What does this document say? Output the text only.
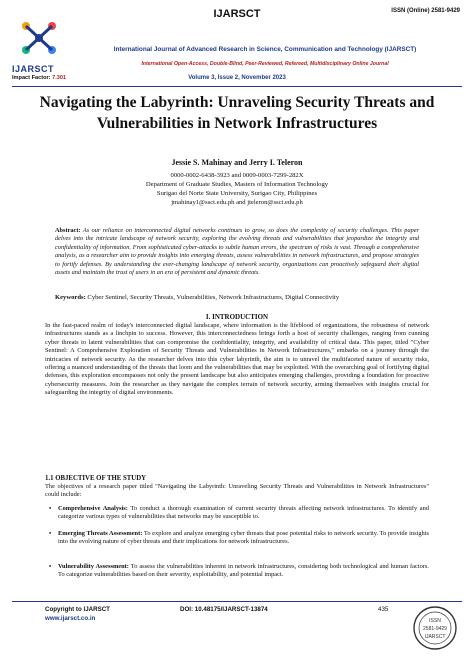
IJARSCT
IJARSCT	ISSN (Online) 2581-9429
International Journal of Advanced Research in Science, Communication and Technology (IJARSCT)
International Open-Access, Double-Blind, Peer-Reviewed, Refereed, Multidisciplinary Online Journal
Impact Factor: 7.301	Volume 3, Issue 2, November 2023
Navigating the Labyrinth: Unraveling Security Threats and Vulnerabilities in Network Infrastructures
Jessie S. Mahinay and Jerry I. Teleron
0000-0002-6438-3923 and 0009-0003-7299-282X
Department of Graduate Studies, Masters of Information Technology
Surigao del Norte State University, Surigao City, Philippines
jmahinay1@ssct.edu.ph and jteleron@ssct.edu.ph
Abstract: As our reliance on interconnected digital networks continues to grow, so does the complexity of security challenges. This paper delves into the intricate landscape of network security, exploring the evolving threats and vulnerabilities that jeopardize the integrity and confidentiality of information. From sophisticated cyber-attacks to subtle human errors, the spectrum of risks is vast. Through a comprehensive analysis, as a researcher aim to provide insights into emerging threats, assess vulnerabilities in network infrastructures, and propose strategies to fortify defenses. By understanding the ever-changing landscape of network security, organizations can proactively safeguard their digital assets and maintain the trust of users in an era of persistent and dynamic threats.
Keywords: Cyber Sentinel, Security Threats, Vulnerabilities, Network Infrastructures, Digital Connectivity
I. INTRODUCTION
In the fast-paced realm of today's interconnected digital landscape, where information is the lifeblood of organizations, the robustness of network infrastructures stands as a linchpin to success. However, this interconnectedness brings forth a host of security challenges, ranging from cunning cyber threats to latent vulnerabilities that can compromise the confidentiality, integrity, and availability of critical data. This paper, titled "Cyber Sentinel: A Comprehensive Exploration of Security Threats and Vulnerabilities in Network Infrastructures," embarks on a journey through the intricacies of network security. As the researcher delves into this cyber labyrinth, the aim is to unravel the multifaceted nature of security risks, offering a nuanced understanding of the threats that loom and the vulnerabilities that may be exploited. With the overarching goal of fortifying digital defenses, this exploration encompasses not only the present landscape but also anticipates emerging challenges, providing a foundation for proactive cybersecurity measures. Join the researcher as they navigate the complex terrain of network security, arming themselves with insights crucial for safeguarding the integrity of digital environments.
1.1 OBJECTIVE OF THE STUDY
The objectives of a research paper titled "Navigating the Labyrinth: Unraveling Security Threats and Vulnerabilities in Network Infrastructures" could include:
• Comprehensive Analysis: To conduct a thorough examination of current security threats affecting network infrastructures. To identify and categorize various types of vulnerabilities that networks may be susceptible to.
• Emerging Threats Assessment: To explore and analyze emerging cyber threats that pose potential risks to network security. To provide insights into the evolving nature of cyber threats and their implications for network infrastructures.
• Vulnerability Assessment: To assess the vulnerabilities inherent in network infrastructures, considering both technological and human factors. To categorize vulnerabilities based on their severity, exploitability, and potential impact.
Copyright to IJARSCT
www.ijarsct.co.in
DOI: 10.48175/IJARSCT-13874	435
ISSN
2581-9429
IJARSCT
